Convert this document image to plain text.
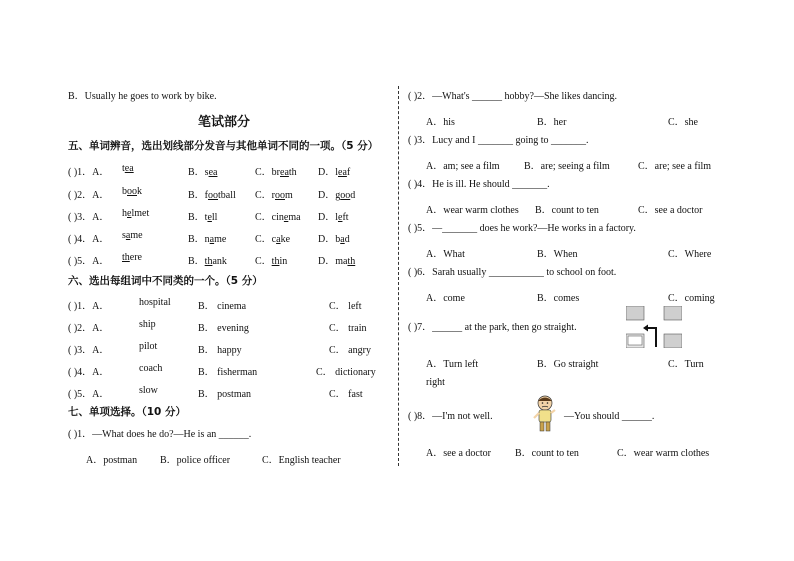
B．Usually he goes to work by bike.
笔试部分
五、单词辨音，选出划线部分发音与其他单词不同的一项。（5 分）
( )1．A． tea	B．sea	C．breath D．leaf
( )2．A． book	B．football C．room	D．good
( )3．A． helmet	B．tell	C．cinema D．left
( )4．A． same	B．name	C．cake	D．bad
( )5．A． there	B．thank	C．thin	D．math
六、选出每组词中不同类的一个。（5 分）
( )1．A．	hospital	B． cinema	C． left
( )2．A．	ship	B． evening	C． train
( )3．A．	pilot	B． happy	C． angry
( )4．A．	coach	B． fisherman	C． dictionary
( )5．A．	slow	B． postman	C． fast
七、单项选择。（10 分）
( )1．—What does he do?—He is an ______.
A．postman B．police officer	C．English teacher
( )2．—What's ______ hobby?—She likes dancing.
A．his	B．her	C．she
( )3．Lucy and I _______ going to _______.
A．am; see a film B．are; seeing a film	C．are; see a film
( )4．He is ill. He should _______.
A．wear warm clothes B．count to ten	C．see a doctor
( )5．—_______ does he work?—He works in a factory.
A．What	B．When	C．Where
( )6．Sarah usually ___________ to school on foot.
A．come	B．comes	C．coming
( )7．______ at the park, then go straight.
A．Turn left	B．Go straight	C．Turn
right
( )8．—I'm not well.	—You should ______.
A．see a doctor B．count to ten	C．wear warm clothes
